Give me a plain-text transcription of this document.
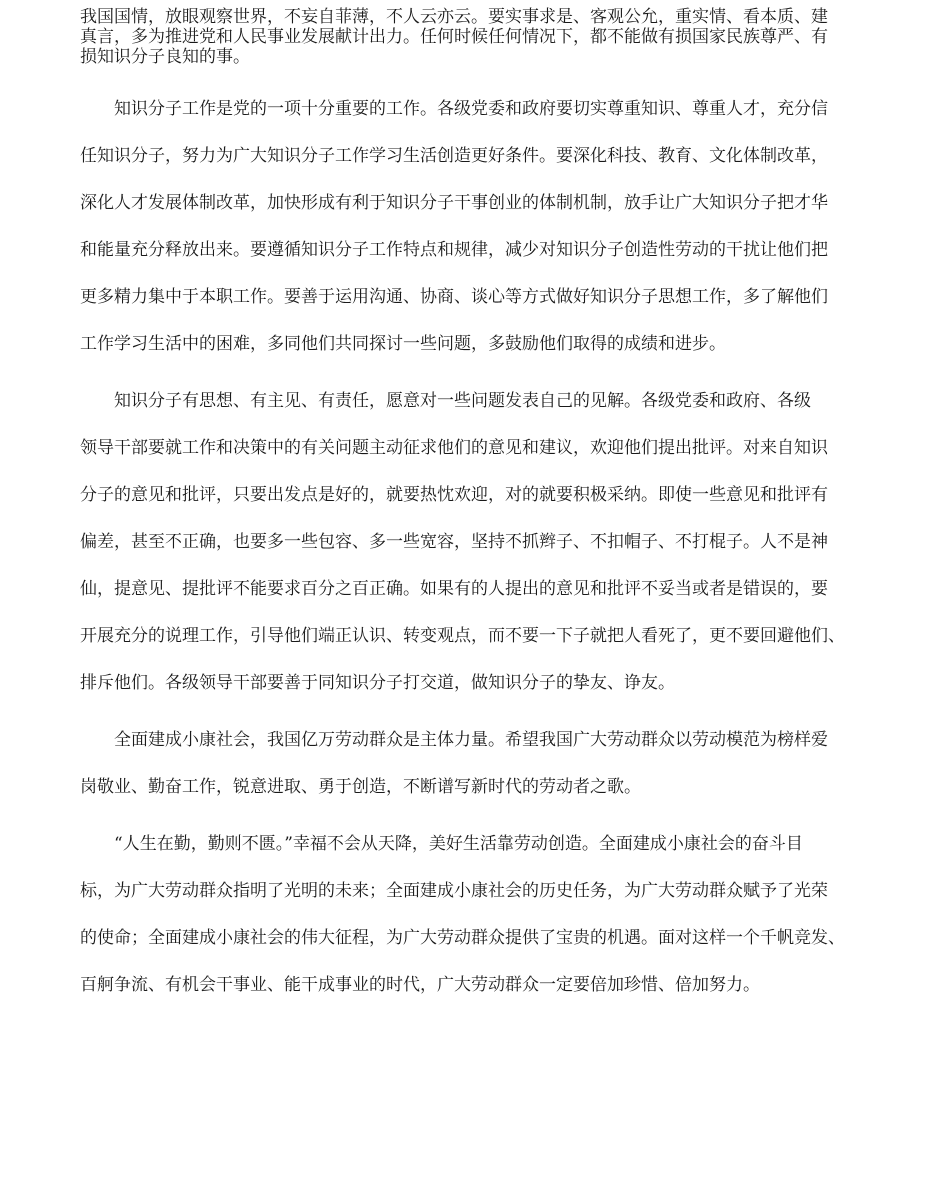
我国国情，放眼观察世界，不妄自菲薄，不人云亦云。要实事求是、客观公允，重实情、看本质、建
真言，多为推进党和人民事业发展献计出力。任何时候任何情况下，都不能做有损国家民族尊严、有
损知识分子良知的事。
知识分子工作是党的一项十分重要的工作。各级党委和政府要切实尊重知识、尊重人才，充分信
任知识分子，努力为广大知识分子工作学习生活创造更好条件。要深化科技、教育、文化体制改革，
深化人才发展体制改革，加快形成有利于知识分子干事创业的体制机制，放手让广大知识分子把才华
和能量充分释放出来。要遵循知识分子工作特点和规律，减少对知识分子创造性劳动的干扰让他们把
更多精力集中于本职工作。要善于运用沟通、协商、谈心等方式做好知识分子思想工作，多了解他们
工作学习生活中的困难，多同他们共同探讨一些问题，多鼓励他们取得的成绩和进步。
知识分子有思想、有主见、有责任，愿意对一些问题发表自己的见解。各级党委和政府、各级
领导干部要就工作和决策中的有关问题主动征求他们的意见和建议，欢迎他们提出批评。对来自知识
分子的意见和批评，只要出发点是好的，就要热忱欢迎，对的就要积极采纳。即使一些意见和批评有
偏差，甚至不正确，也要多一些包容、多一些宽容，坚持不抓辫子、不扣帽子、不打棍子。人不是神
仙，提意见、提批评不能要求百分之百正确。如果有的人提出的意见和批评不妥当或者是错误的，要
开展充分的说理工作，引导他们端正认识、转变观点，而不要一下子就把人看死了，更不要回避他们、
排斥他们。各级领导干部要善于同知识分子打交道，做知识分子的挚友、诤友。
全面建成小康社会，我国亿万劳动群众是主体力量。希望我国广大劳动群众以劳动模范为榜样爱
岗敬业、勤奋工作，锐意进取、勇于创造，不断谱写新时代的劳动者之歌。
“人生在勤，勤则不匮。”幸福不会从天降，美好生活靠劳动创造。全面建成小康社会的奋斗目
标，为广大劳动群众指明了光明的未来；全面建成小康社会的历史任务，为广大劳动群众赋予了光荣
的使命；全面建成小康社会的伟大征程，为广大劳动群众提供了宝贵的机遇。面对这样一个千帆竞发、
百舸争流、有机会干事业、能干成事业的时代，广大劳动群众一定要倍加珍惜、倍加努力。
